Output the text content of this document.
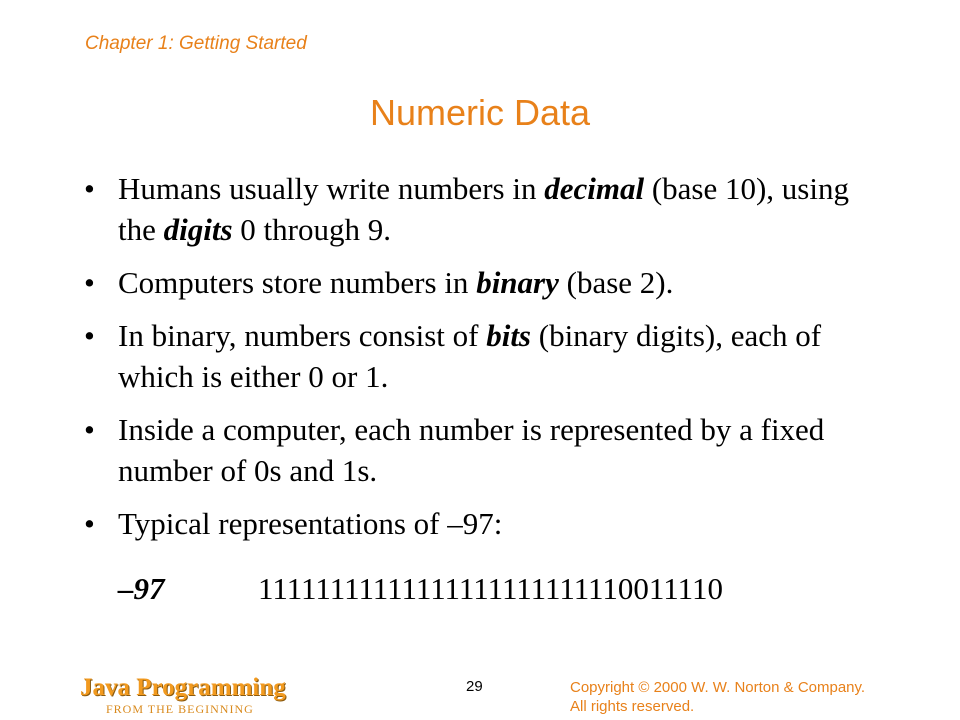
Chapter 1: Getting Started
Numeric Data
• Humans usually write numbers in decimal (base 10), using the digits 0 through 9.
• Computers store numbers in binary (base 2).
• In binary, numbers consist of bits (binary digits), each of which is either 0 or 1.
• Inside a computer, each number is represented by a fixed number of 0s and 1s.
• Typical representations of –97:
–97	11111111111111111111111110011110
Java Programming
FROM THE BEGINNING
29	Copyright © 2000 W. W. Norton & Company.
All rights reserved.
